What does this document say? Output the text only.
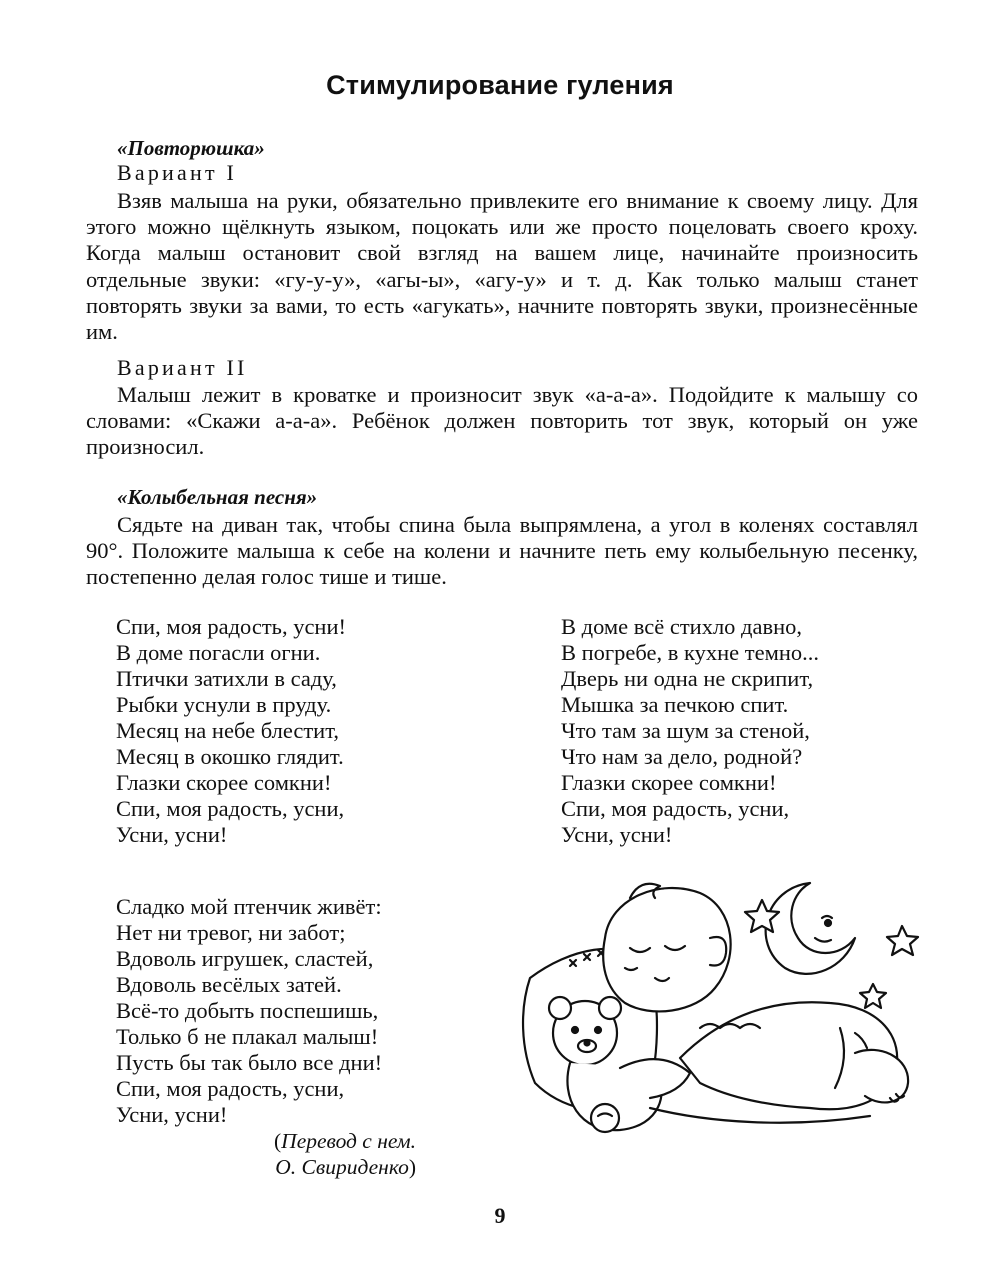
Стимулирование гуления
«Повторюшка»
Вариант I

Взяв малыша на руки, обязательно привлеките его внимание к своему лицу. Для этого можно щёлкнуть языком, поцокать или же просто поцеловать своего кроху. Когда малыш остановит свой взгляд на вашем лице, начинайте произносить отдельные звуки: «гу-у-у», «агы-ы», «агу-у» и т. д. Как только малыш станет повторять звуки за вами, то есть «агукать», начните повторять звуки, произнесённые им.

Вариант II

Малыш лежит в кроватке и произносит звук «а-а-а». Подойдите к малышу со словами: «Скажи а-а-а». Ребёнок должен повторить тот звук, который он уже произносил.

«Колыбельная песня»

Сядьте на диван так, чтобы спина была выпрямлена, а угол в коленях составлял 90°. Положите малыша к себе на колени и начните петь ему колыбельную песенку, постепенно делая голос тише и тише.

Спи, моя радость, усни!
В доме погасли огни.
Птички затихли в саду,
Рыбки уснули в пруду.
Месяц на небе блестит,
Месяц в окошко глядит.
Глазки скорее сомкни!
Спи, моя радость, усни,
Усни, усни!
В доме всё стихло давно,
В погребе, в кухне темно...
Дверь ни одна не скрипит,
Мышка за печкою спит.
Что там за шум за стеной,
Что нам за дело, родной?
Глазки скорее сомкни!
Спи, моя радость, усни,
Усни, усни!
Сладко мой птенчик живёт:
Нет ни тревог, ни забот;
Вдоволь игрушек, сластей,
Вдоволь весёлых затей.
Всё-то добыть поспешишь,
Только б не плакал малыш!
Пусть бы так было все дни!
Спи, моя радость, усни,
Усни, усни!
(Перевод с нем.
О. Свириденко)
9
